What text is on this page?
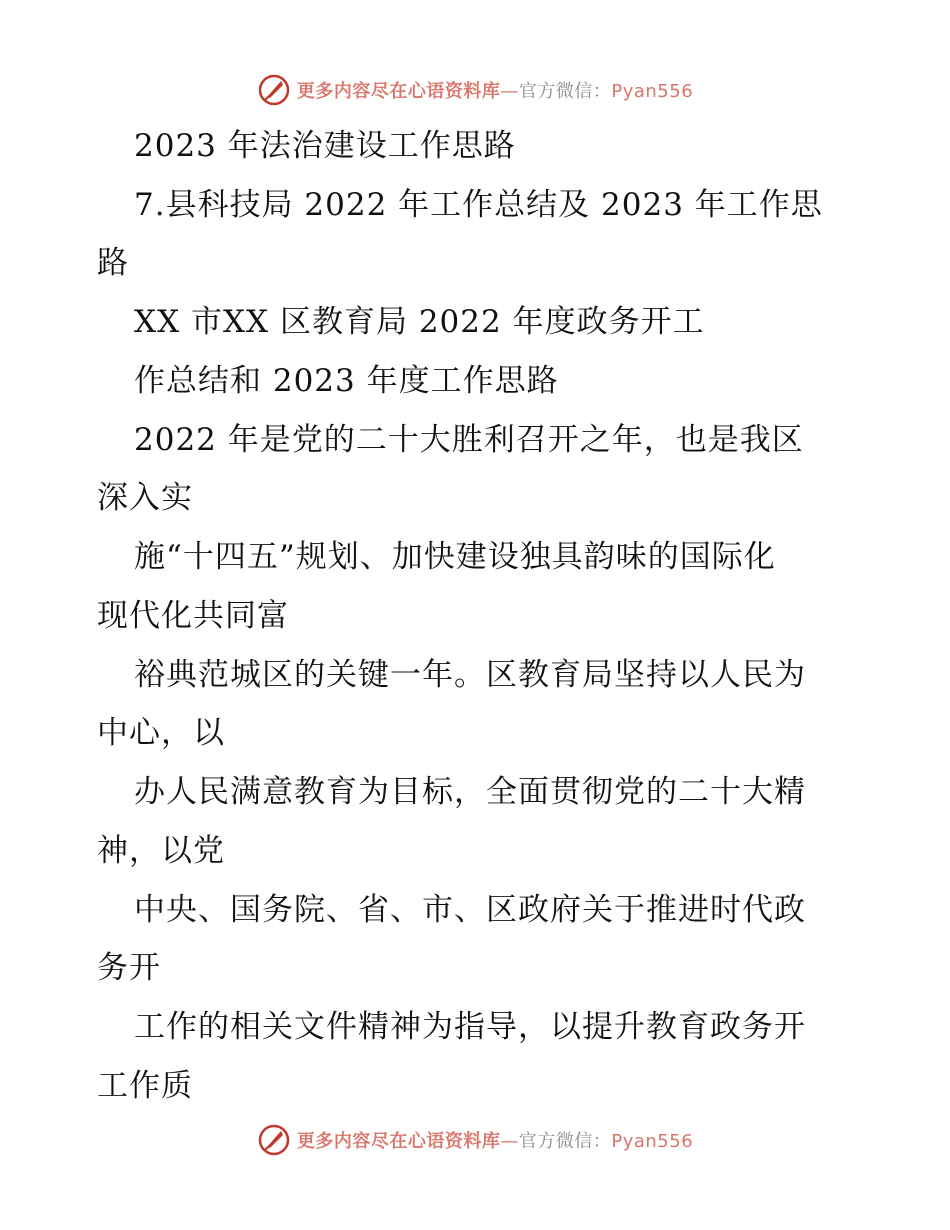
更多内容尽在心语资料库—官方微信：Pyan556
2023 年法治建设工作思路
7.县科技局 2022 年工作总结及 2023 年工作思
路
XX 市XX 区教育局 2022 年度政务开工
作总结和 2023 年度工作思路
2022 年是党的二十大胜利召开之年，也是我区
深入实
施“十四五”规划、加快建设独具韵味的国际化
现代化共同富
裕典范城区的关键一年。区教育局坚持以人民为
中心，以
办人民满意教育为目标，全面贯彻党的二十大精
神，以党
中央、国务院、省、市、区政府关于推进时代政
务开
工作的相关文件精神为指导，以提升教育政务开
工作质
更多内容尽在心语资料库—官方微信：Pyan556
